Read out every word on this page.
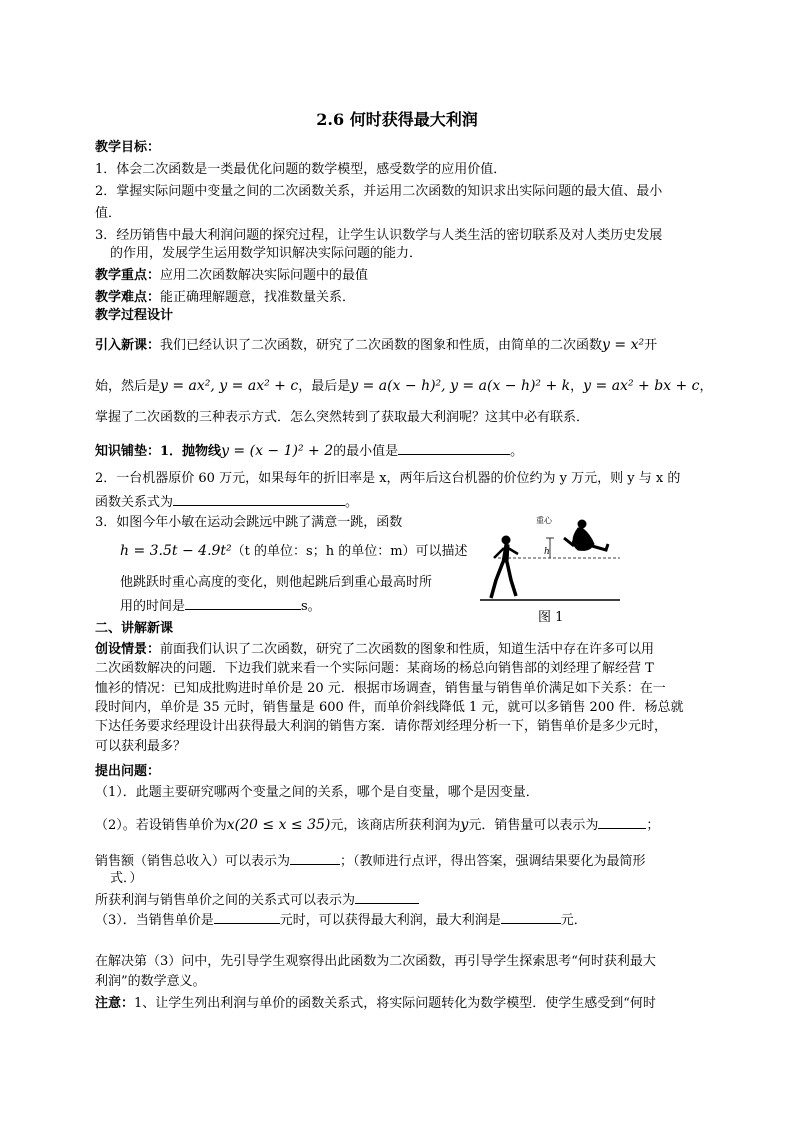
2.6 何时获得最大利润
教学目标：
1．体会二次函数是一类最优化问题的数学模型，感受数学的应用价值．
2．掌握实际问题中变量之间的二次函数关系，并运用二次函数的知识求出实际问题的最大值、最小
值．
3．经历销售中最大利润问题的探究过程，让学生认识数学与人类生活的密切联系及对人类历史发展
的作用，发展学生运用数学知识解决实际问题的能力．
教学重点：应用二次函数解决实际问题中的最值
教学难点：能正确理解题意，找准数量关系．
教学过程设计
引入新课：我们已经认识了二次函数，研究了二次函数的图象和性质，由简单的二次函数y = x²开
始，然后是y = ax², y = ax² + c，最后是y = a(x − h)², y = a(x − h)² + k，y = ax² + bx + c，
掌握了二次函数的三种表示方式．怎么突然转到了获取最大利润呢？这其中必有联系．
知识铺垫：1．抛物线y = (x − 1)² + 2的最小值是	。
2．一台机器原价 60 万元，如果每年的折旧率是 x，两年后这台机器的价位约为 y 万元，则 y 与 x 的
函数关系式为	。
3．如图今年小敏在运动会跳远中跳了满意一跳，函数
h = 3.5t − 4.9t²（t 的单位：s；h 的单位：m）可以描述
他跳跃时重心高度的变化，则他起跳后到重心最高时所
用的时间是	s。
h
重心
图 1
二、讲解新课
创设情景：前面我们认识了二次函数，研究了二次函数的图象和性质，知道生活中存在许多可以用
二次函数解决的问题．下边我们就来看一个实际问题：某商场的杨总向销售部的刘经理了解经营 T
恤衫的情况：已知成批购进时单价是 20 元．根据市场调查，销售量与销售单价满足如下关系：在一
段时间内，单价是 35 元时，销售量是 600 件，而单价斜线降低 1 元，就可以多销售 200 件．杨总就
下达任务要求经理设计出获得最大利润的销售方案．请你帮刘经理分析一下，销售单价是多少元时，
可以获利最多？
提出问题：
（1）．此题主要研究哪两个变量之间的关系，哪个是自变量，哪个是因变量．
（2）。若设销售单价为x(20 ≤ x ≤ 35)元，该商店所获利润为y元．销售量可以表示为	；
销售额（销售总收入）可以表示为	；（教师进行点评，得出答案，强调结果要化为最简形
式．）
所获利润与销售单价之间的关系式可以表示为
（3）．当销售单价是	元时，可以获得最大利润，最大利润是	元．
在解决第（3）问中，先引导学生观察得出此函数为二次函数，再引导学生探索思考“何时获利最大
利润”的数学意义。
注意：1、让学生列出利润与单价的函数关系式，将实际问题转化为数学模型．使学生感受到“何时
